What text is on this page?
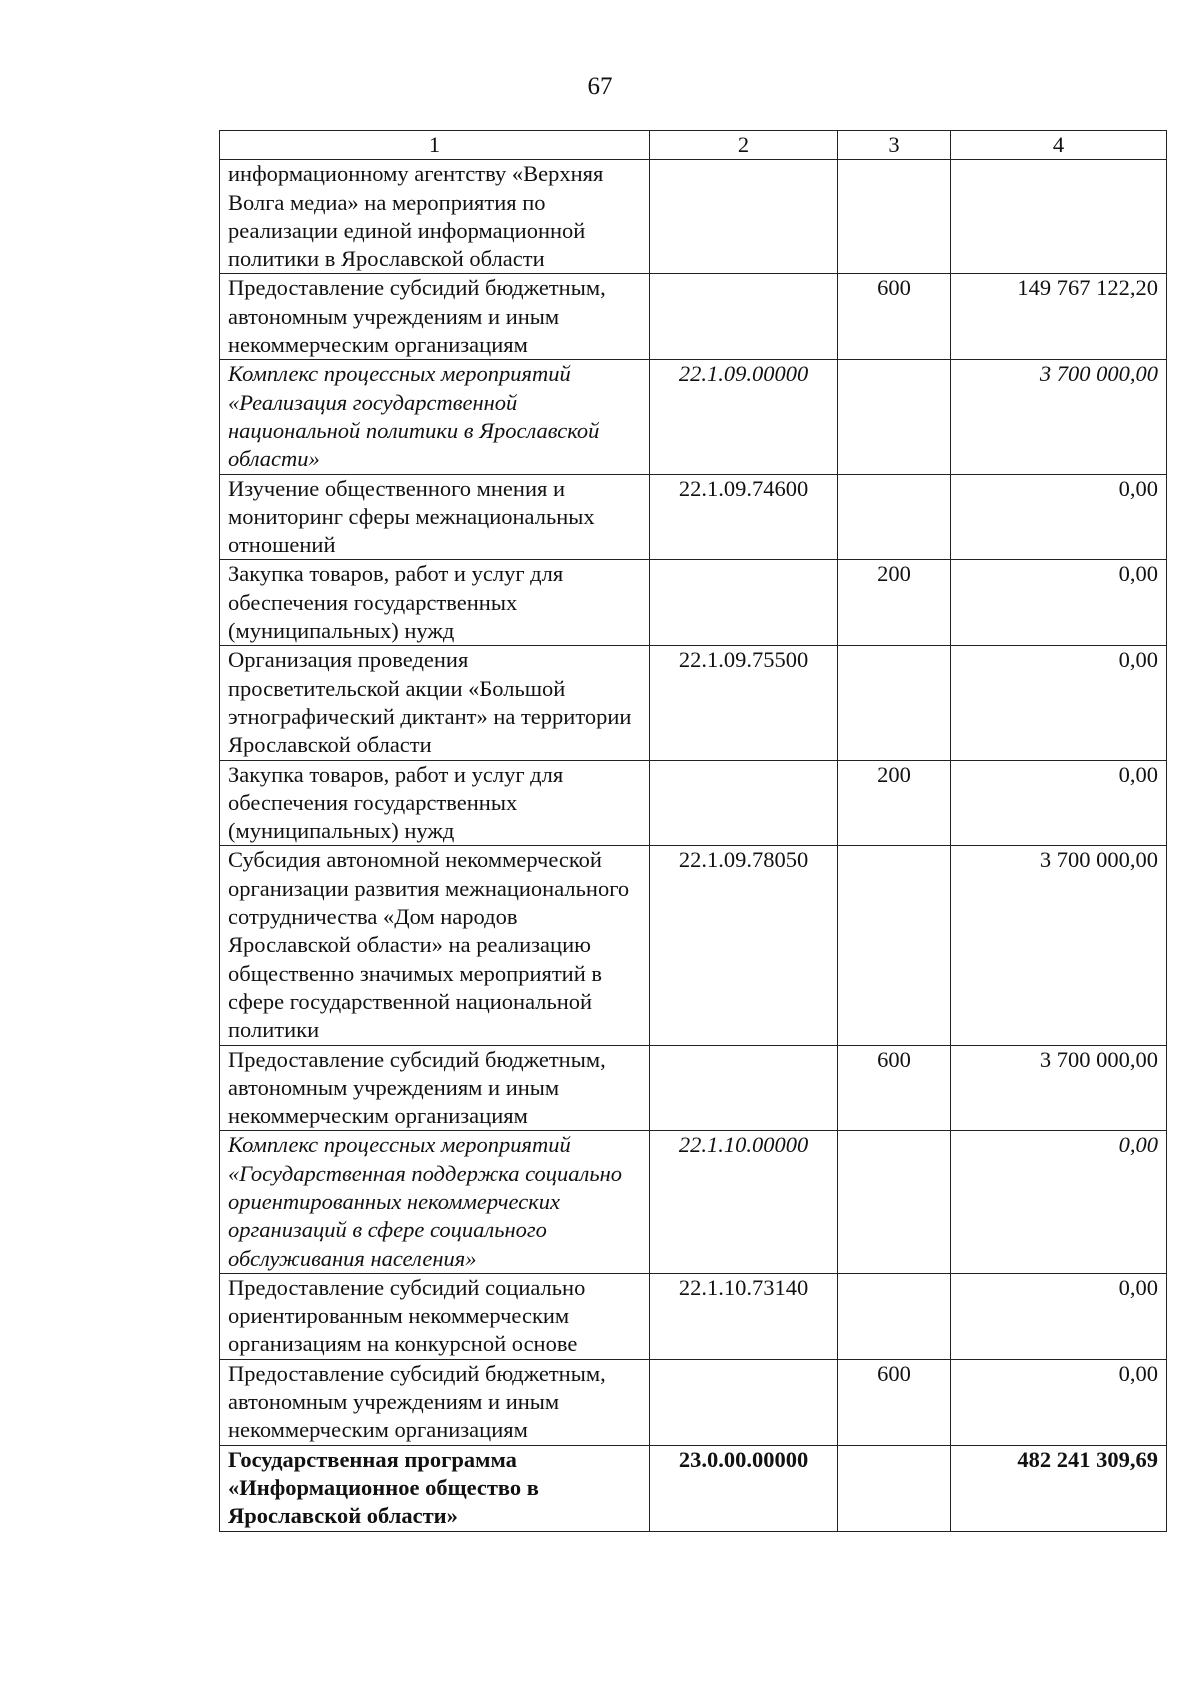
67
1	2	3	4
информационному агентству «Верхняя Волга медиа» на мероприятия по реализации единой информационной политики в Ярославской области			
Предоставление субсидий бюджетным, автономным учреждениям и иным некоммерческим организациям		600	149 767 122,20
Комплекс процессных мероприятий «Реализация государственной национальной политики в Ярославской области»	22.1.09.00000		3 700 000,00
Изучение общественного мнения и мониторинг сферы межнациональных отношений	22.1.09.74600		0,00
Закупка товаров, работ и услуг для обеспечения государственных (муниципальных) нужд		200	0,00
Организация проведения просветительской акции «Большой этнографический диктант» на территории Ярославской области	22.1.09.75500		0,00
Закупка товаров, работ и услуг для обеспечения государственных (муниципальных) нужд		200	0,00
Субсидия автономной некоммерческой организации развития межнационального сотрудничества «Дом народов Ярославской области» на реализацию общественно значимых мероприятий в сфере государственной национальной политики	22.1.09.78050		3 700 000,00
Предоставление субсидий бюджетным, автономным учреждениям и иным некоммерческим организациям		600	3 700 000,00
Комплекс процессных мероприятий «Государственная поддержка социально ориентированных некоммерческих организаций в сфере социального обслуживания населения»	22.1.10.00000		0,00
Предоставление субсидий социально ориентированным некоммерческим организациям на конкурсной основе	22.1.10.73140		0,00
Предоставление субсидий бюджетным, автономным учреждениям и иным некоммерческим организациям		600	0,00
Государственная программа «Информационное общество в Ярославской области»	23.0.00.00000		482 241 309,69
